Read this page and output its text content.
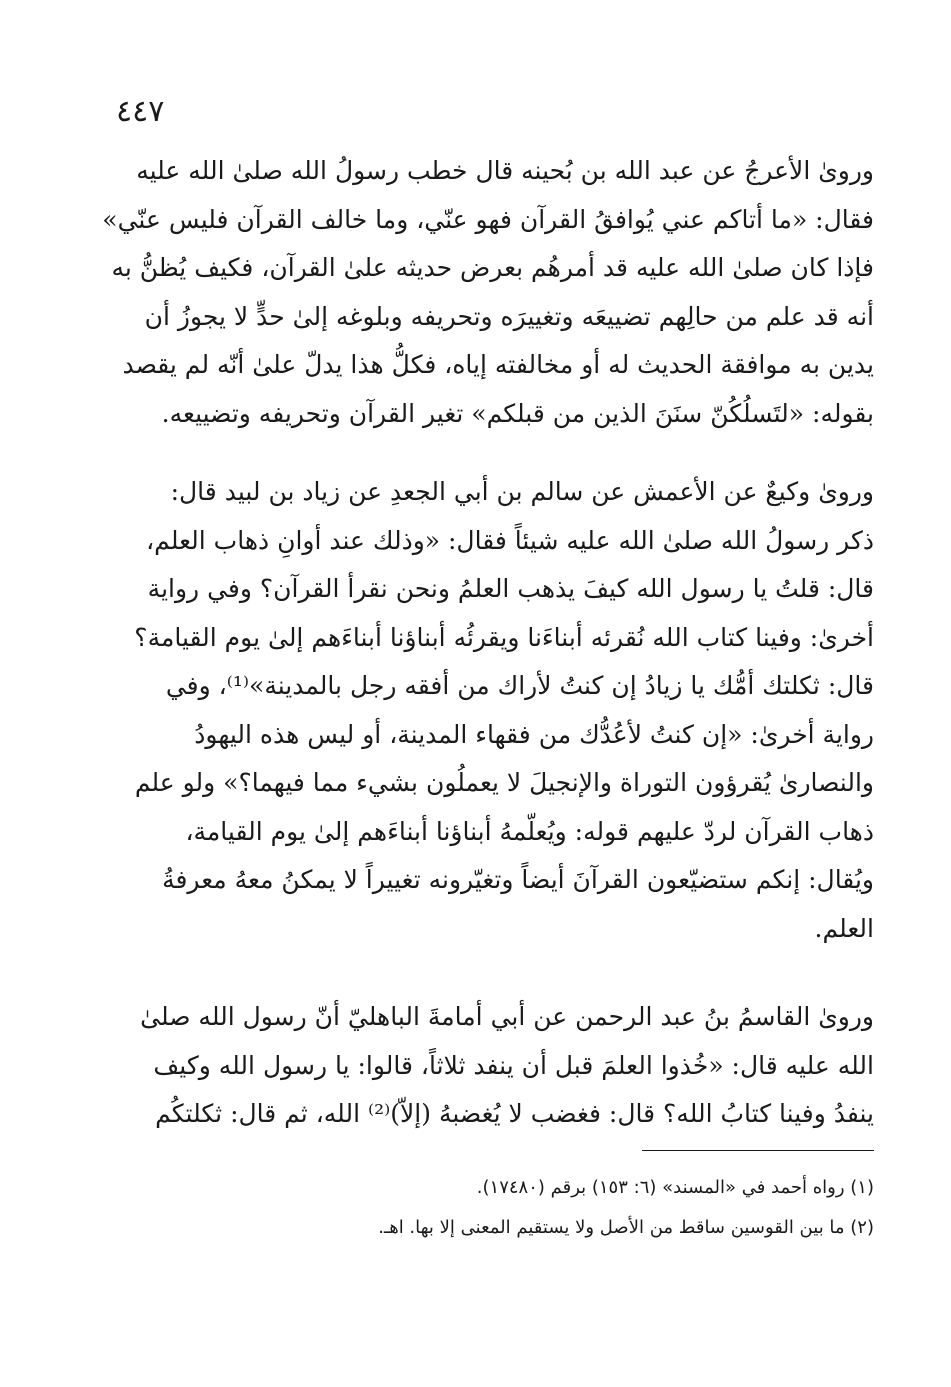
٤٤٧
وروىٰ الأعرجُ عن عبد الله بن بُحينه قال خطب رسولُ الله صلىٰ الله عليه
فقال: «ما أتاكم عني يُوافقُ القرآن فهو عنّي، وما خالف القرآن فليس عنّي»
فإذا كان صلىٰ الله عليه قد أمرهُم بعرض حديثه علىٰ القرآن، فكيف يُظنُّ به
أنه قد علم من حالِهم تضييعَه وتغييرَه وتحريفه وبلوغه إلىٰ حدٍّ لا يجوزُ أن
يدين به موافقة الحديث له أو مخالفته إياه، فكلُّ هذا يدلّ علىٰ أنّه لم يقصد
بقوله: «لتَسلُكُنّ سنَنَ الذين من قبلكم» تغير القرآن وتحريفه وتضييعه.
وروىٰ وكيعٌ عن الأعمش عن سالم بن أبي الجعدِ عن زياد بن لبيد قال:
ذكر رسولُ الله صلىٰ الله عليه شيئاً فقال: «وذلك عند أوانِ ذهاب العلم،
قال: قلتُ يا رسول الله كيفَ يذهب العلمُ ونحن نقرأ القرآن؟ وفي رواية
أخرىٰ: وفينا كتاب الله نُقرئه أبناءَنا ويقرئُه أبناؤنا أبناءَهم إلىٰ يوم القيامة؟
قال: ثكلتك أمُّك يا زيادُ إن كنتُ لأراك من أفقه رجل بالمدينة»⁽¹⁾، وفي
رواية أخرىٰ: «إن كنتُ لأعُدُّك من فقهاء المدينة، أو ليس هذه اليهودُ
والنصارىٰ يُقرؤون التوراة والإنجيلَ لا يعملُون بشيء مما فيهما؟» ولو علم
ذهاب القرآن لردّ عليهم قوله: ويُعلّمهُ أبناؤنا أبناءَهم إلىٰ يوم القيامة،
ويُقال: إنكم ستضيّعون القرآنَ أيضاً وتغيّرونه تغييراً لا يمكنُ معهُ معرفةُ
العلم.
وروىٰ القاسمُ بنُ عبد الرحمن عن أبي أمامةَ الباهليّ أنّ رسول الله صلىٰ
الله عليه قال: «خُذوا العلمَ قبل أن ينفد ثلاثاً، قالوا: يا رسول الله وكيف
ينفدُ وفينا كتابُ الله؟ قال: فغضب لا يُغضبهُ (إلاّ)⁽²⁾ الله، ثم قال: ثكلتكُم
(١) رواه أحمد في «المسند» (٦: ١٥٣) برقم (١٧٤٨٠).
(٢) ما بين القوسين ساقط من الأصل ولا يستقيم المعنى إلا بها. اهـ.
